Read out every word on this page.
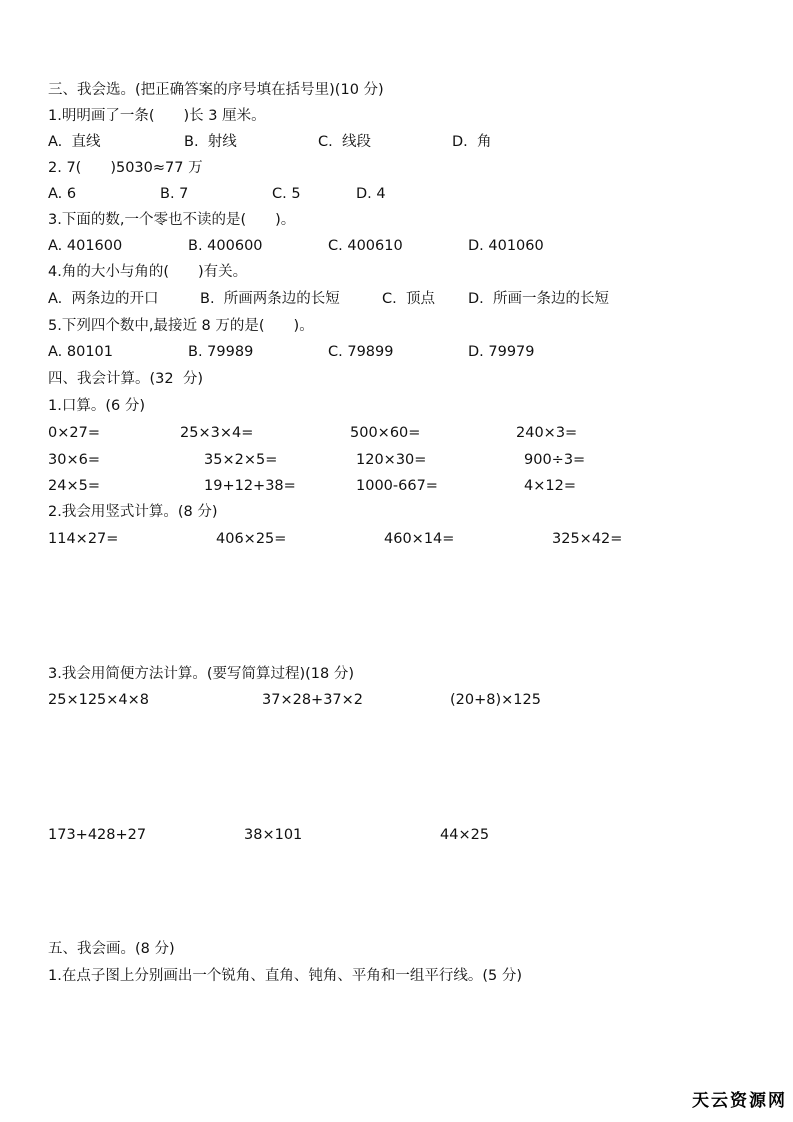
三、我会选。(把正确答案的序号填在括号里)(10 分)
1.明明画了一条(　　)长 3 厘米。
A.  直线	B.  射线	C.  线段	D.  角
2. 7(　　)5030≈77 万
A. 6	B. 7	C. 5	D. 4
3.下面的数,一个零也不读的是(　　)。
A. 401600	B. 400600	C. 400610	D. 401060
4.角的大小与角的(　　)有关。
A.  两条边的开口	B.  所画两条边的长短	C.  顶点 D.  所画一条边的长短
5.下列四个数中,最接近 8 万的是(　　)。
A. 80101	B. 79989	C. 79899	D. 79979
四、我会计算。(32  分)
1.口算。(6 分)
0×27=	25×3×4=	500×60=	240×3=
30×6=	35×2×5=	120×30=	900÷3=
24×5=	19+12+38=	1000-667=	4×12=
2.我会用竖式计算。(8 分)
114×27=	406×25=	460×14=	325×42=
3.我会用简便方法计算。(要写简算过程)(18 分)
25×125×4×8	37×28+37×2	(20+8)×125
173+428+27	38×101	44×25
五、我会画。(8 分)
1.在点子图上分别画出一个锐角、直角、钝角、平角和一组平行线。(5 分)
天云资源网
